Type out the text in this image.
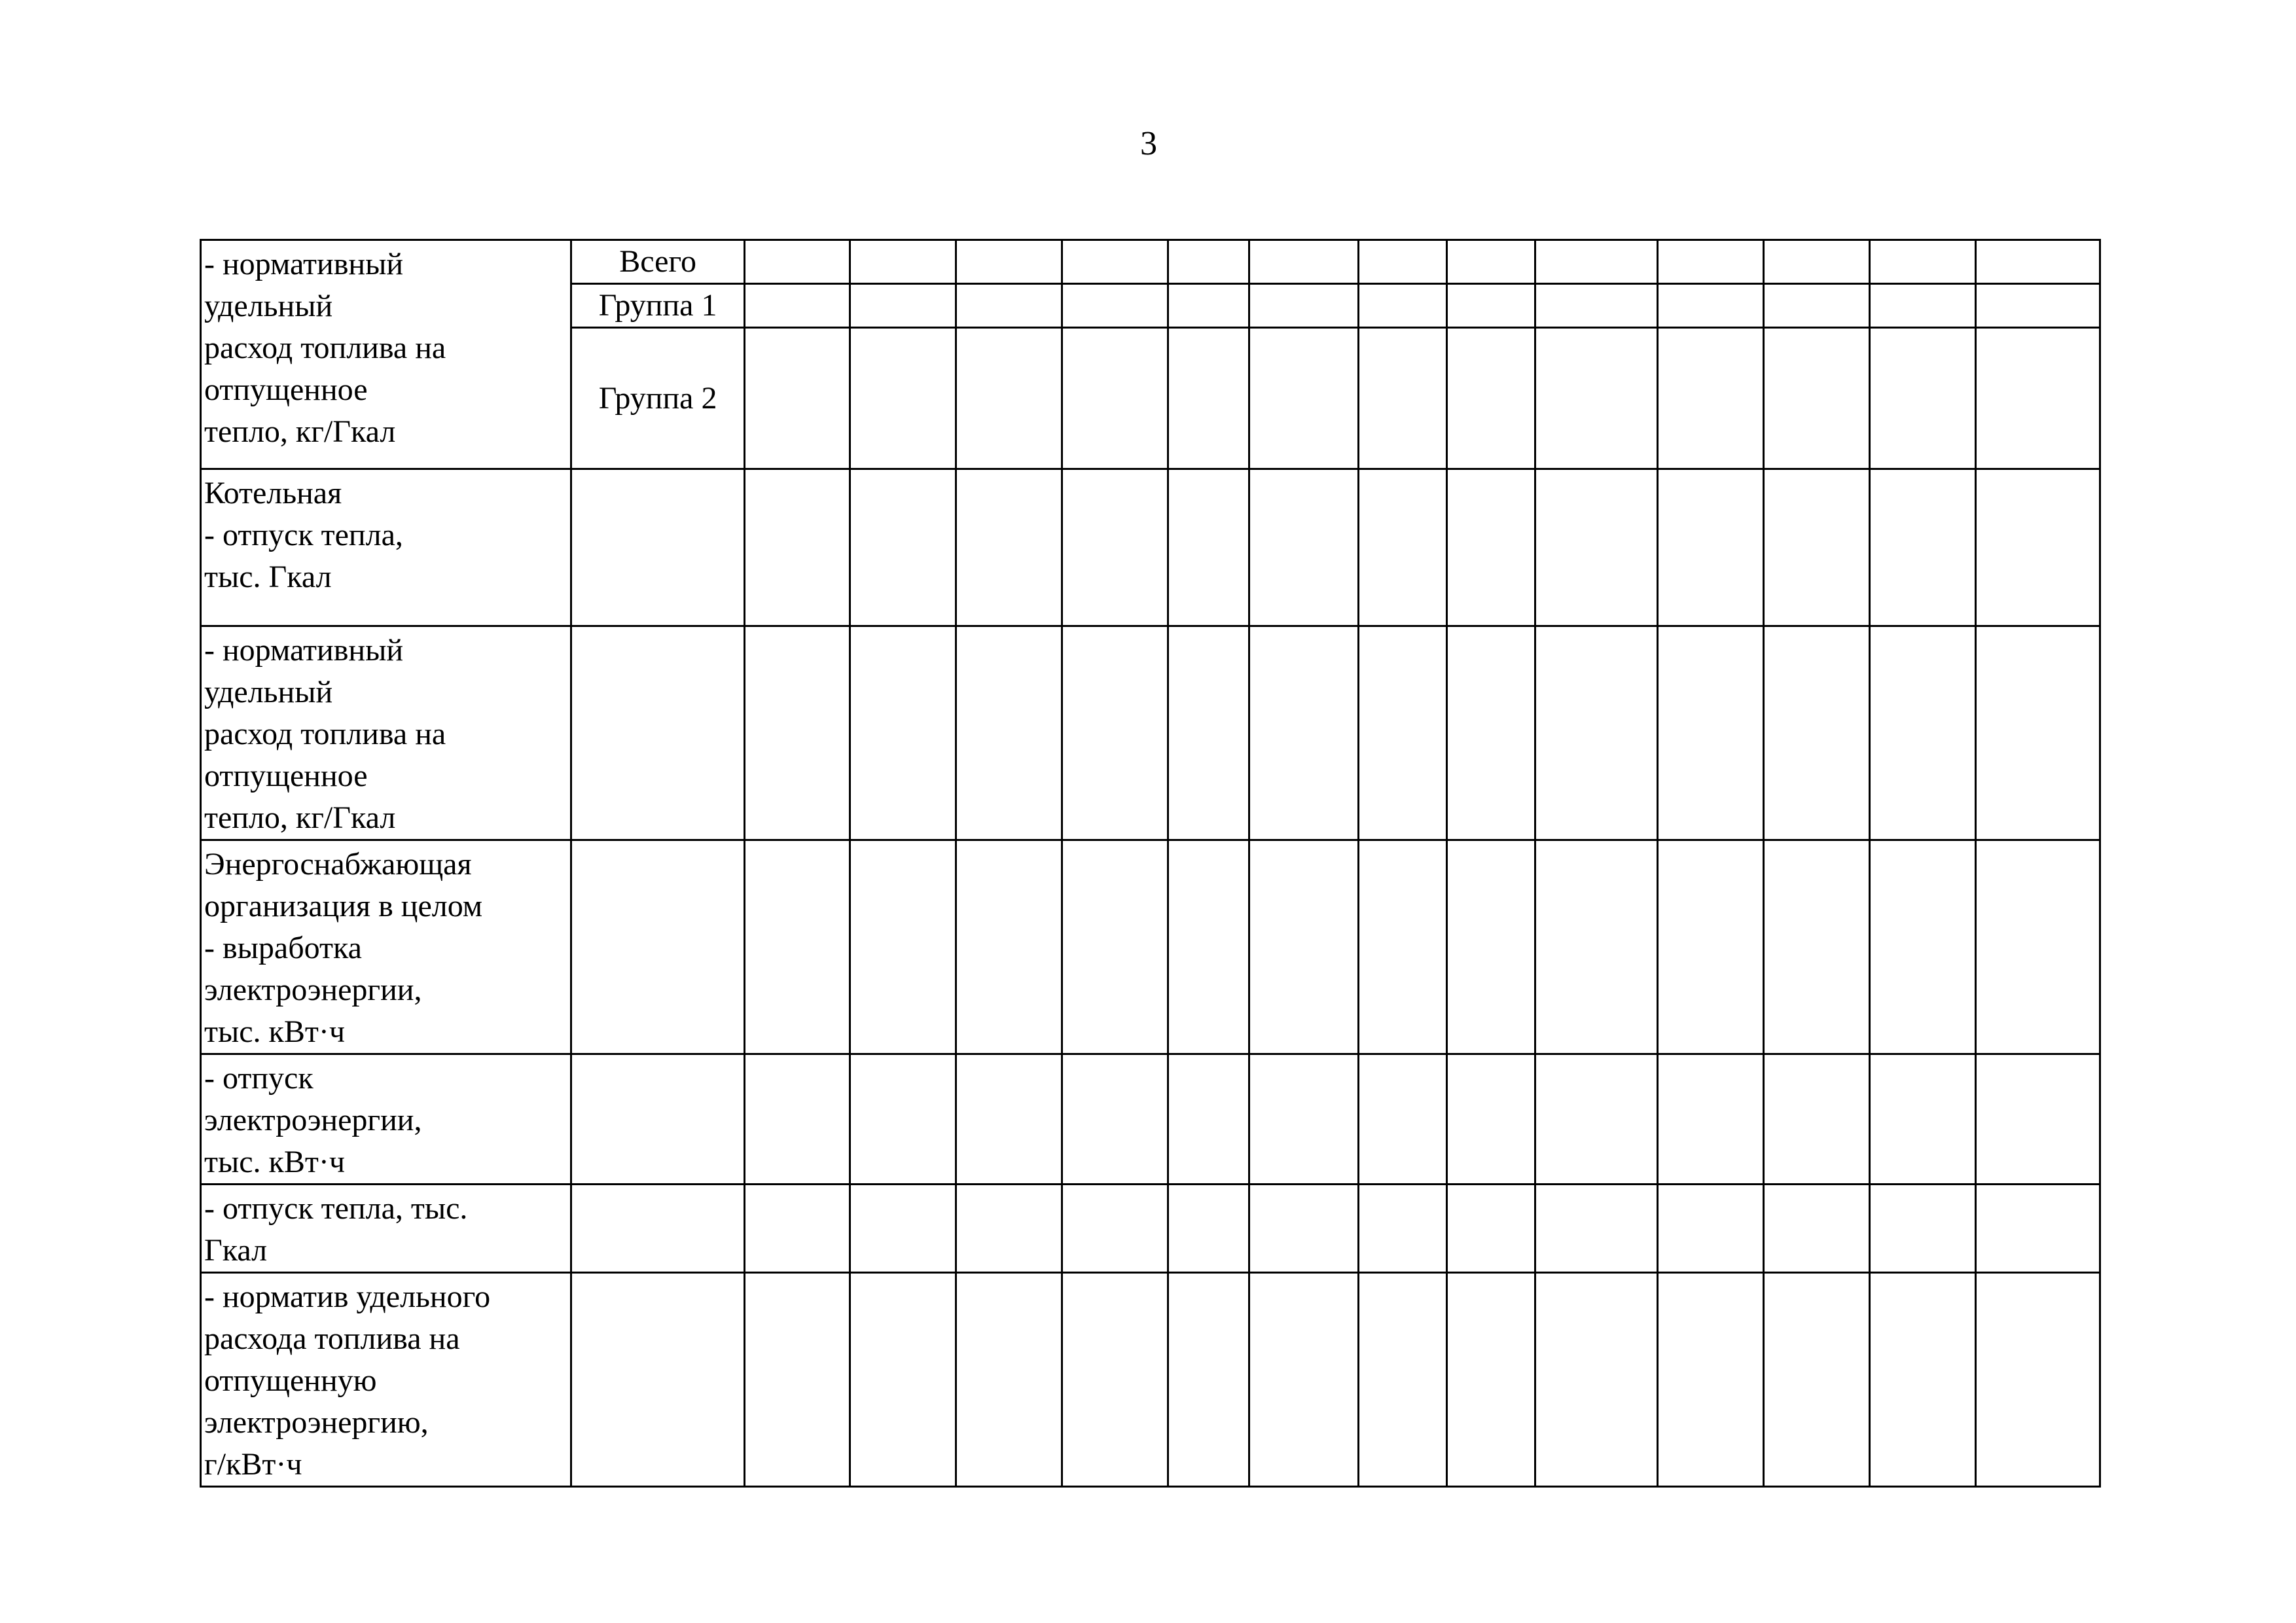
3
- нормативный
удельный
расход топлива на
отпущенное
тепло, кг/Гкал	Всего													
	Группа 1													
	Группа 2													

Котельная
- отпуск тепла,
тыс. Гкал														

- нормативный
удельный
расход топлива на
отпущенное
тепло, кг/Гкал														

Энергоснабжающая
организация в целом
- выработка
электроэнергии,
тыс. кВт·ч														

- отпуск
электроэнергии,
тыс. кВт·ч														

- отпуск тепла, тыс.
Гкал														

- норматив удельного
расхода топлива на
отпущенную
электроэнергию,
г/кВт·ч														
